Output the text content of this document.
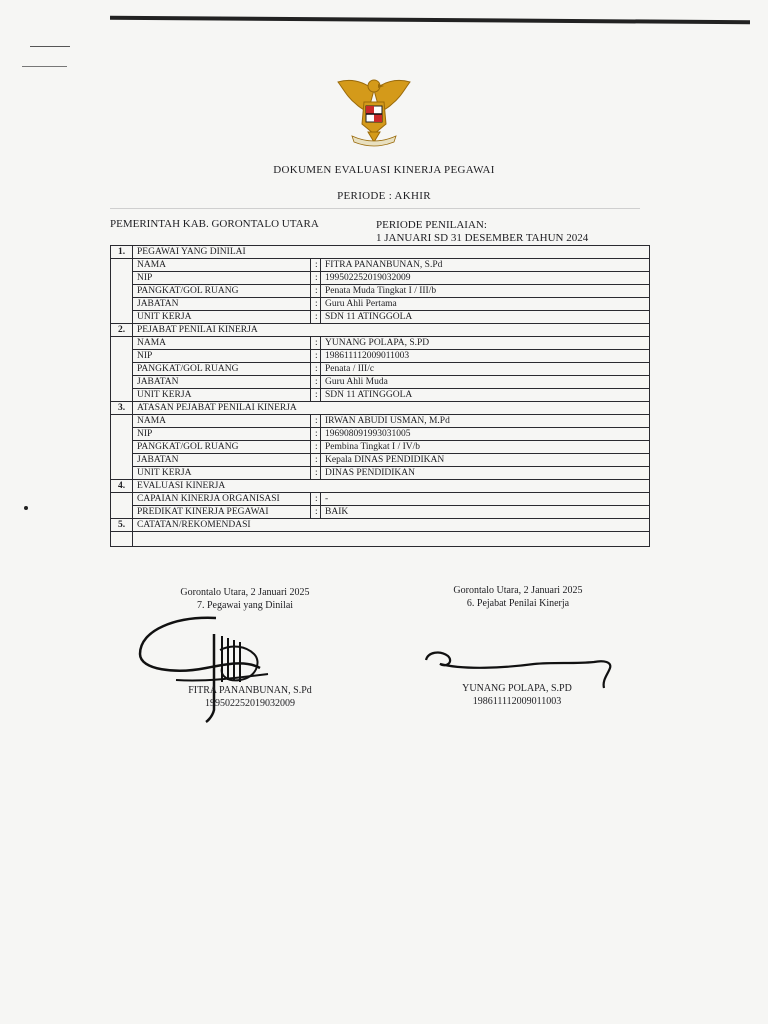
DOKUMEN EVALUASI KINERJA PEGAWAI
PERIODE : AKHIR
PEMERINTAH KAB. GORONTALO UTARA	PERIODE PENILAIAN:
1 JANUARI SD 31 DESEMBER TAHUN 2024
1.	PEGAWAI YANG DINILAI		
	NAMA	:	FITRA PANANBUNAN, S.Pd
	NIP	:	199502252019032009
	PANGKAT/GOL RUANG	:	Penata Muda Tingkat I / III/b
	JABATAN	:	Guru Ahli Pertama
	UNIT KERJA	:	SDN 11 ATINGGOLA
2.	PEJABAT PENILAI KINERJA		
	NAMA	:	YUNANG POLAPA, S.PD
	NIP	:	198611112009011003
	PANGKAT/GOL RUANG	:	Penata / III/c
	JABATAN	:	Guru Ahli Muda
	UNIT KERJA	:	SDN 11 ATINGGOLA
3.	ATASAN PEJABAT PENILAI KINERJA		
	NAMA	:	IRWAN ABUDI USMAN, M.Pd
	NIP	:	196908091993031005
	PANGKAT/GOL RUANG	:	Pembina Tingkat I / IV/b
	JABATAN	:	Kepala DINAS PENDIDIKAN
	UNIT KERJA	:	DINAS PENDIDIKAN
4.	EVALUASI KINERJA		
	CAPAIAN KINERJA ORGANISASI	:	-
	PREDIKAT KINERJA PEGAWAI	:	BAIK
5.	CATATAN/REKOMENDASI		

Gorontalo Utara, 2 Januari 2025
7. Pegawai yang Dinilai
Gorontalo Utara, 2 Januari 2025
6. Pejabat Penilai Kinerja
FITRA PANANBUNAN, S.Pd
199502252019032009
YUNANG POLAPA, S.PD
198611112009011003
